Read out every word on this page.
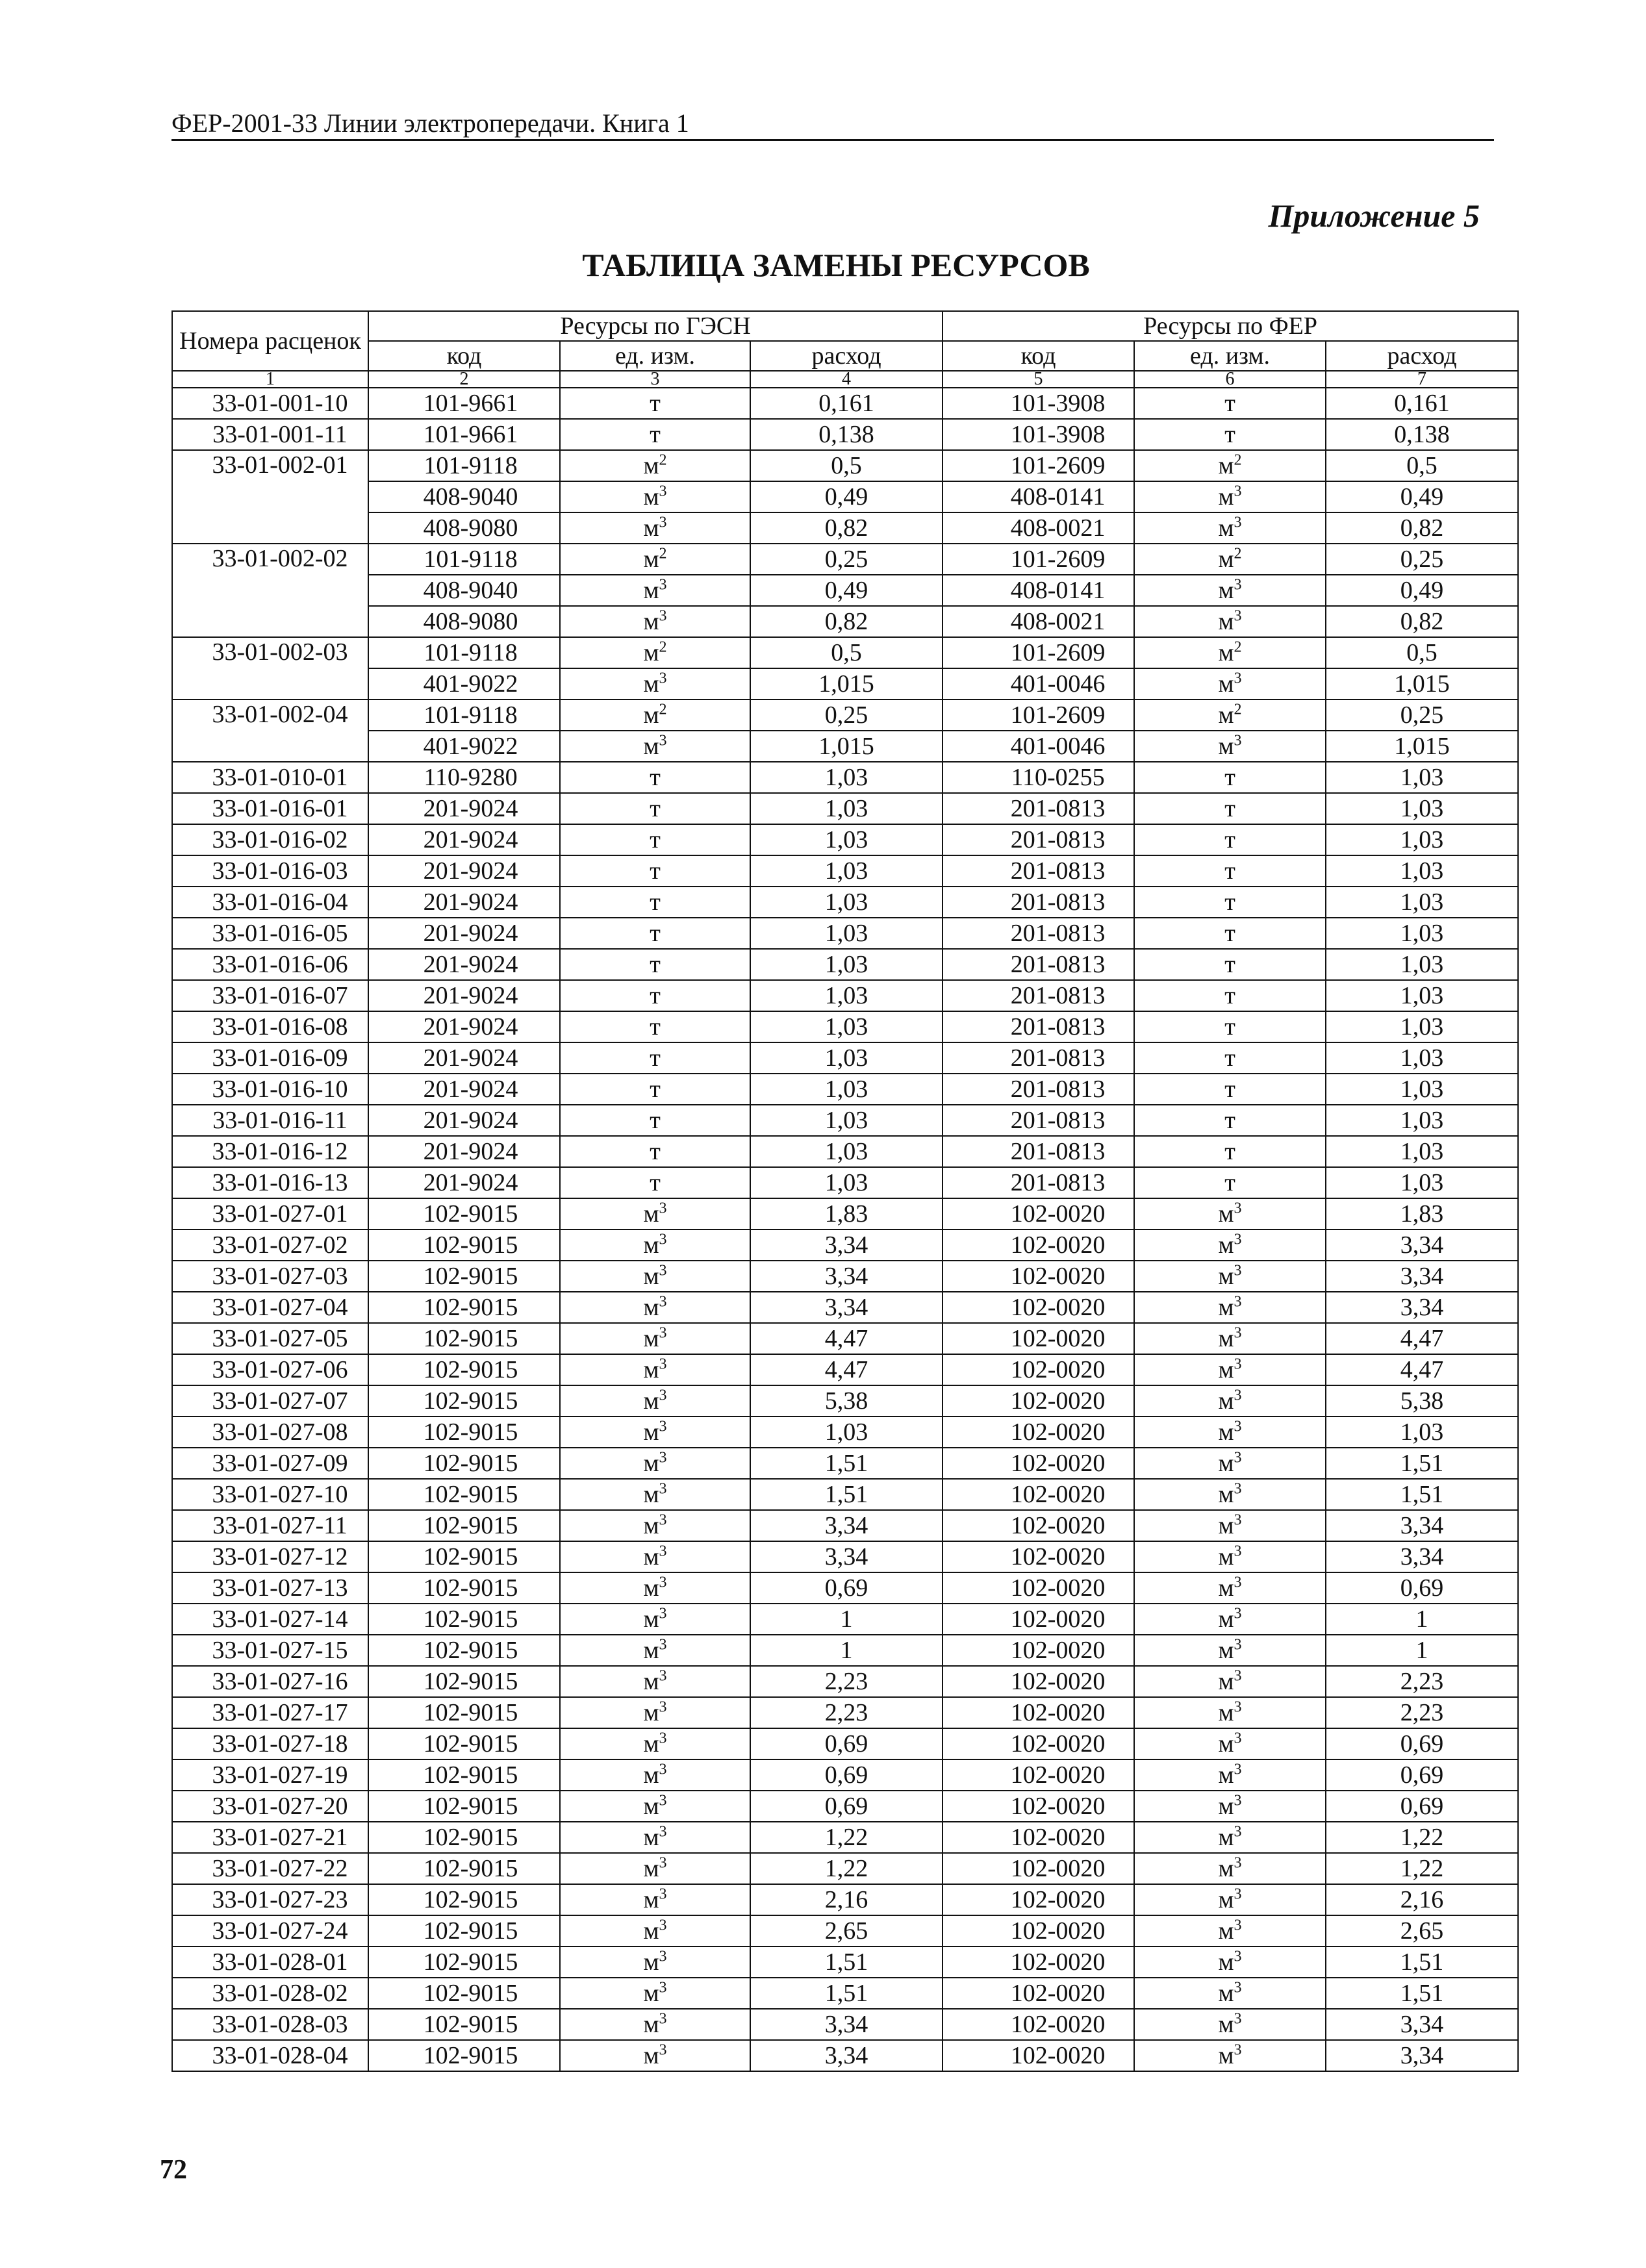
ФЕР-2001-33 Линии электропередачи. Книга 1
Приложение 5
ТАБЛИЦА ЗАМЕНЫ РЕСУРСОВ
Номера расценок	Ресурсы по ГЭСН			Ресурсы по ФЕР		
	код	ед. изм.	расход	код	ед. изм.	расход
1	2	3	4	5	6	7
33-01-001-10	101-9661	т	0,161	101-3908	т	0,161
33-01-001-11	101-9661	т	0,138	101-3908	т	0,138
33-01-002-01	101-9118	$м^2$	0,5	101-2609	$м^2$	0,5
	408-9040	$м^3$	0,49	408-0141	$м^3$	0,49
	408-9080	$м^3$	0,82	408-0021	$м^3$	0,82
33-01-002-02	101-9118	$м^2$	0,25	101-2609	$м^2$	0,25
	408-9040	$м^3$	0,49	408-0141	$м^3$	0,49
	408-9080	$м^3$	0,82	408-0021	$м^3$	0,82
33-01-002-03	101-9118	$м^2$	0,5	101-2609	$м^2$	0,5
	401-9022	$м^3$	1,015	401-0046	$м^3$	1,015
33-01-002-04	101-9118	$м^2$	0,25	101-2609	$м^2$	0,25
	401-9022	$м^3$	1,015	401-0046	$м^3$	1,015
33-01-010-01	110-9280	т	1,03	110-0255	т	1,03
33-01-016-01	201-9024	т	1,03	201-0813	т	1,03
33-01-016-02	201-9024	т	1,03	201-0813	т	1,03
33-01-016-03	201-9024	т	1,03	201-0813	т	1,03
33-01-016-04	201-9024	т	1,03	201-0813	т	1,03
33-01-016-05	201-9024	т	1,03	201-0813	т	1,03
33-01-016-06	201-9024	т	1,03	201-0813	т	1,03
33-01-016-07	201-9024	т	1,03	201-0813	т	1,03
33-01-016-08	201-9024	т	1,03	201-0813	т	1,03
33-01-016-09	201-9024	т	1,03	201-0813	т	1,03
33-01-016-10	201-9024	т	1,03	201-0813	т	1,03
33-01-016-11	201-9024	т	1,03	201-0813	т	1,03
33-01-016-12	201-9024	т	1,03	201-0813	т	1,03
33-01-016-13	201-9024	т	1,03	201-0813	т	1,03
33-01-027-01	102-9015	$м^3$	1,83	102-0020	$м^3$	1,83
33-01-027-02	102-9015	$м^3$	3,34	102-0020	$м^3$	3,34
33-01-027-03	102-9015	$м^3$	3,34	102-0020	$м^3$	3,34
33-01-027-04	102-9015	$м^3$	3,34	102-0020	$м^3$	3,34
33-01-027-05	102-9015	$м^3$	4,47	102-0020	$м^3$	4,47
33-01-027-06	102-9015	$м^3$	4,47	102-0020	$м^3$	4,47
33-01-027-07	102-9015	$м^3$	5,38	102-0020	$м^3$	5,38
33-01-027-08	102-9015	$м^3$	1,03	102-0020	$м^3$	1,03
33-01-027-09	102-9015	$м^3$	1,51	102-0020	$м^3$	1,51
33-01-027-10	102-9015	$м^3$	1,51	102-0020	$м^3$	1,51
33-01-027-11	102-9015	$м^3$	3,34	102-0020	$м^3$	3,34
33-01-027-12	102-9015	$м^3$	3,34	102-0020	$м^3$	3,34
33-01-027-13	102-9015	$м^3$	0,69	102-0020	$м^3$	0,69
33-01-027-14	102-9015	$м^3$	1	102-0020	$м^3$	1
33-01-027-15	102-9015	$м^3$	1	102-0020	$м^3$	1
33-01-027-16	102-9015	$м^3$	2,23	102-0020	$м^3$	2,23
33-01-027-17	102-9015	$м^3$	2,23	102-0020	$м^3$	2,23
33-01-027-18	102-9015	$м^3$	0,69	102-0020	$м^3$	0,69
33-01-027-19	102-9015	$м^3$	0,69	102-0020	$м^3$	0,69
33-01-027-20	102-9015	$м^3$	0,69	102-0020	$м^3$	0,69
33-01-027-21	102-9015	$м^3$	1,22	102-0020	$м^3$	1,22
33-01-027-22	102-9015	$м^3$	1,22	102-0020	$м^3$	1,22
33-01-027-23	102-9015	$м^3$	2,16	102-0020	$м^3$	2,16
33-01-027-24	102-9015	$м^3$	2,65	102-0020	$м^3$	2,65
33-01-028-01	102-9015	$м^3$	1,51	102-0020	$м^3$	1,51
33-01-028-02	102-9015	$м^3$	1,51	102-0020	$м^3$	1,51
33-01-028-03	102-9015	$м^3$	3,34	102-0020	$м^3$	3,34
33-01-028-04	102-9015	$м^3$	3,34	102-0020	$м^3$	3,34
72
